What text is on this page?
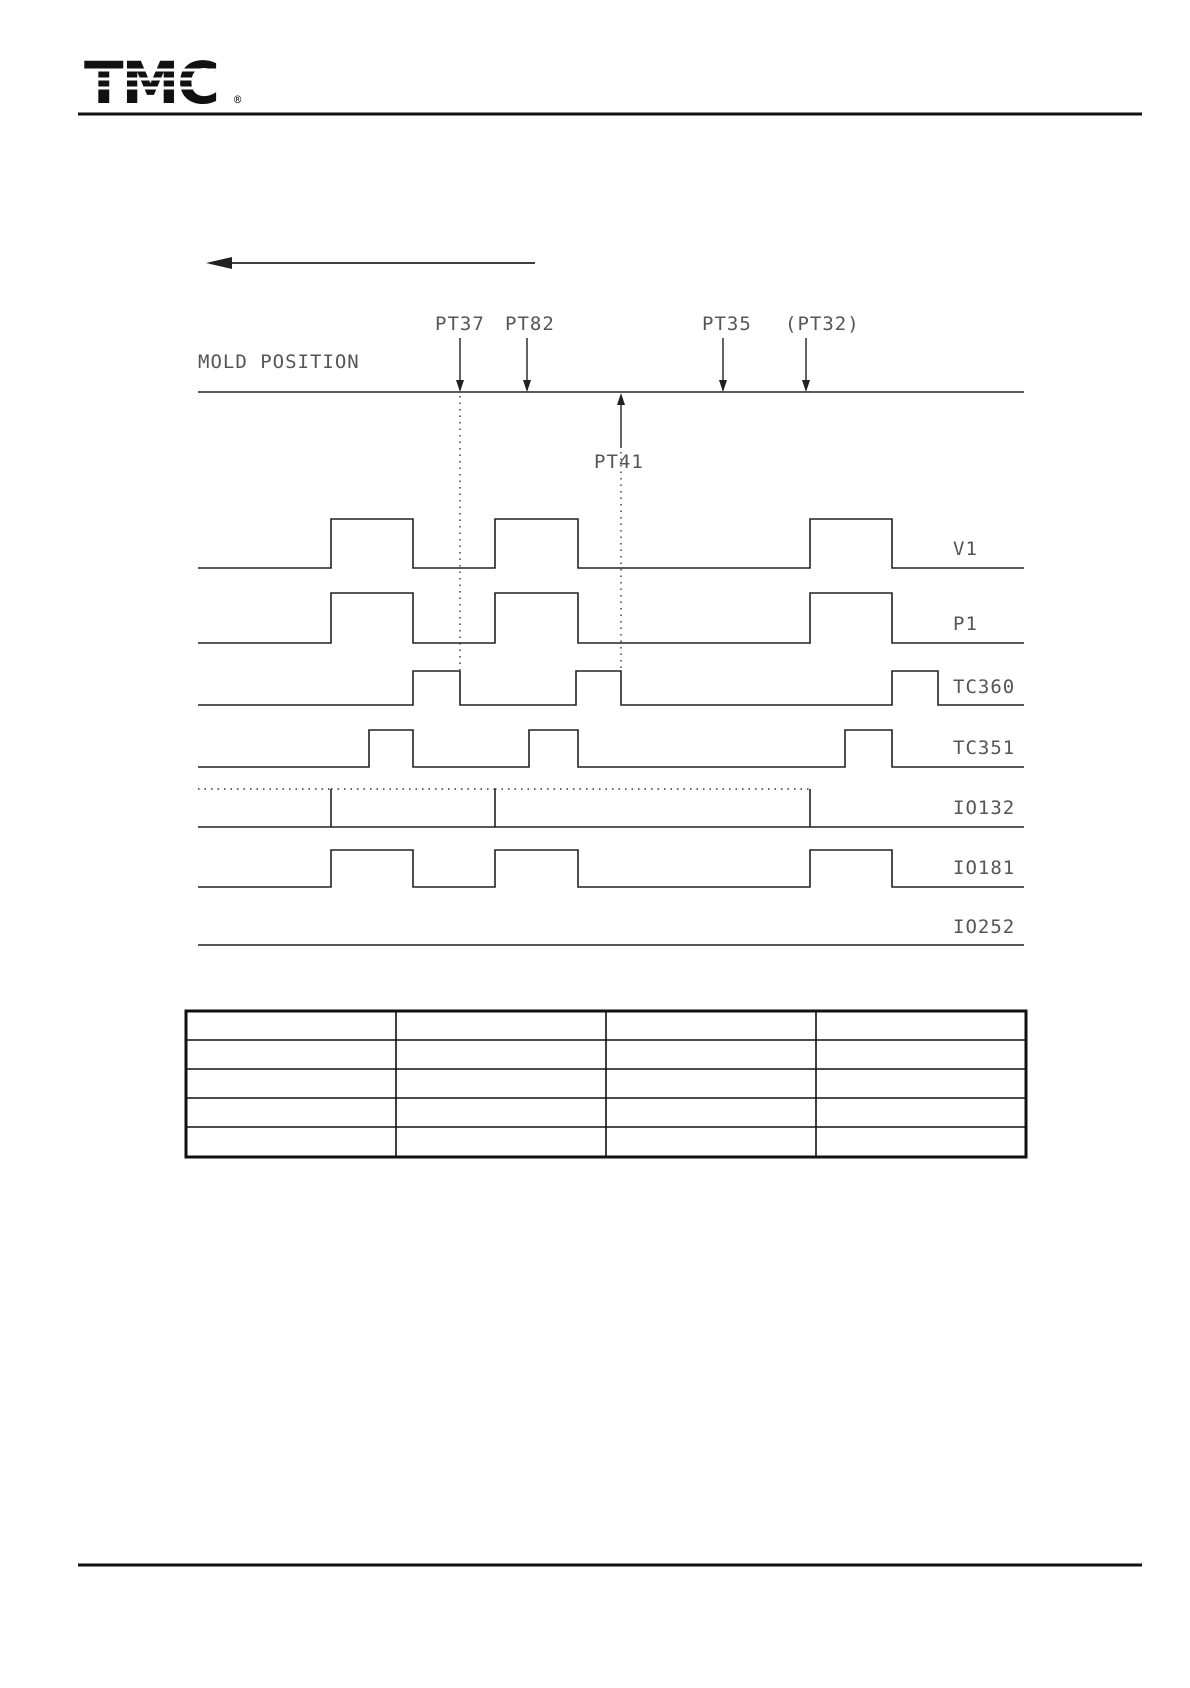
TMC ®
MOLD POSITION
PT37 PT82	PT35 (PT32)
PT41
V1
P1
TC360
TC351
IO132
IO181
IO252
